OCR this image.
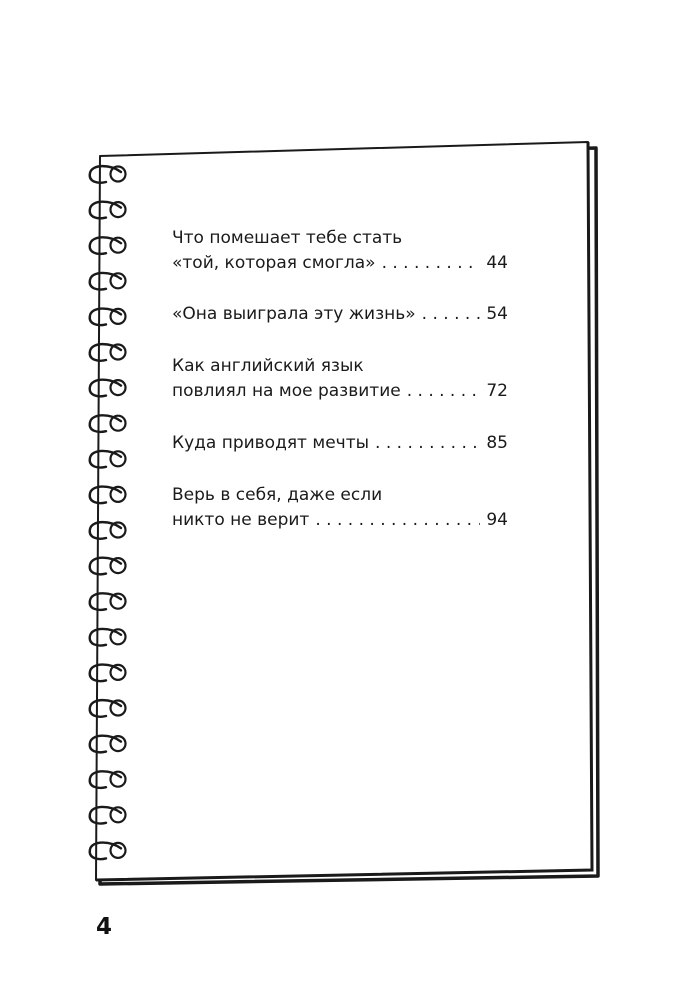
Что помешает тебе стать
«той, которая смогла» . . .	44
«Она выиграла эту жизнь» . . .	54
Как английский язык
повлиял на мое развитие . . .	72
Куда приводят мечты . . .	85
Верь в себя, даже если
никто не верит . . .	94
4
